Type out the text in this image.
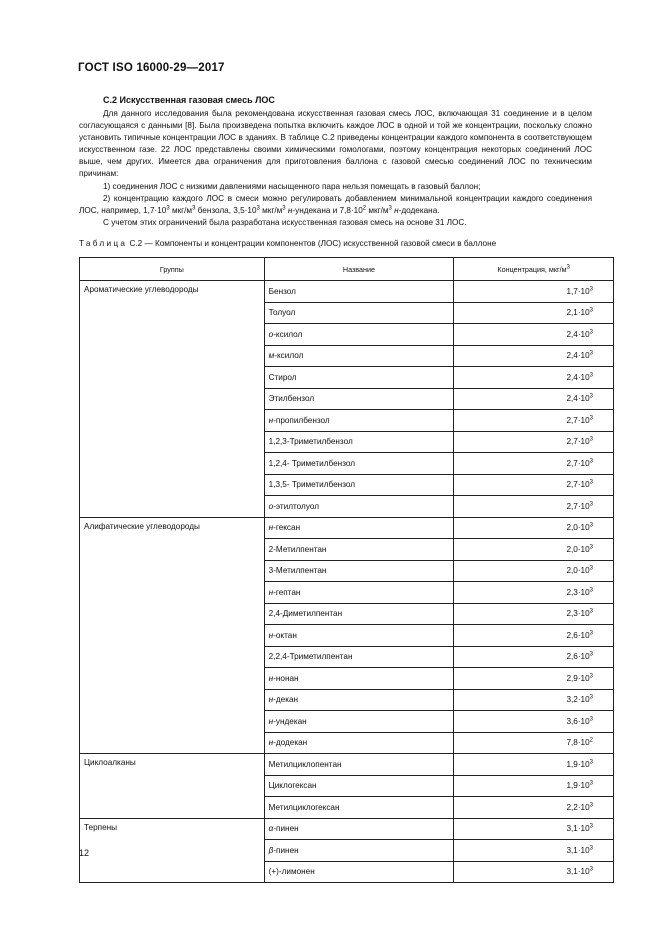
ГОСТ ISO 16000-29—2017
С.2 Искусственная газовая смесь ЛОС

Для данного исследования была рекомендована искусственная газовая смесь ЛОС, включающая 31 соединение и в целом согласующаяся с данными [8]. Была произведена попытка включить каждое ЛОС в одной и той же концентрации, поскольку сложно установить типичные концентрации ЛОС в зданиях. В таблице С.2 приведены концентрации каждого компонента в соответствующем искусственном газе. 22 ЛОС представлены своими химическими гомологами, поэтому концентрация некоторых соединений ЛОС выше, чем других. Имеется два ограничения для приготовления баллона с газовой смесью соединений ЛОС по техническим причинам:

1) соединения ЛОС с низкими давлениями насыщенного пара нельзя помещать в газовый баллон;

2) концентрацию каждого ЛОС в смеси можно регулировать добавлением минимальной концентрации каждого соединения ЛОС, например, $1,7\cdot 10^3$ мкг/$м^3$ бензола, $3,5\cdot 10^3$ мкг/$м^3$ н-ундекана и $7,8\cdot 10^2$ мкг/$м^3$ н-додекана.

С учетом этих ограничений была разработана искусственная газовая смесь на основе 31 ЛОС.

Таблица С.2 — Компоненты и концентрации компонентов (ЛОС) искусственной газовой смеси в баллоне
Группы	Название	Концентрация, мкг/$м^3$
Ароматические углеводороды	Бензол	$1,7\cdot 10^3$
	Толуол	$2,1\cdot 10^3$
	о-ксилол	$2,4\cdot 10^3$
	м-ксилол	$2,4\cdot 10^3$
	Стирол	$2,4\cdot 10^3$
	Этилбензол	$2,4\cdot 10^3$
	н-пропилбензол	$2,7\cdot 10^3$
	1,2,3-Триметилбензол	$2,7\cdot 10^3$
	1,2,4- Триметилбензол	$2,7\cdot 10^3$
	1,3,5- Триметилбензол	$2,7\cdot 10^3$
	о-этилтолуол	$2,7\cdot 10^3$
Алифатические углеводороды	н-гексан	$2,0\cdot 10^3$
	2-Метилпентан	$2,0\cdot 10^3$
	3-Метилпентан	$2,0\cdot 10^3$
	н-гептан	$2,3\cdot 10^3$
	2,4-Диметилпентан	$2,3\cdot 10^3$
	н-октан	$2,6\cdot 10^3$
	2,2,4-Триметилпентан	$2,6\cdot 10^3$
	н-нонан	$2,9\cdot 10^3$
	н-декан	$3,2\cdot 10^3$
	н-ундекан	$3,6\cdot 10^3$
	н-додекан	$7,8\cdot 10^2$
Циклоалканы	Метилциклопентан	$1,9\cdot 10^3$
	Циклогексан	$1,9\cdot 10^3$
	Метилциклогексан	$2,2\cdot 10^3$
Терпены	α-пинен	$3,1\cdot 10^3$
	β-пинен	$3,1\cdot 10^3$
	(+)-лимонен	$3,1\cdot 10^3$
12
